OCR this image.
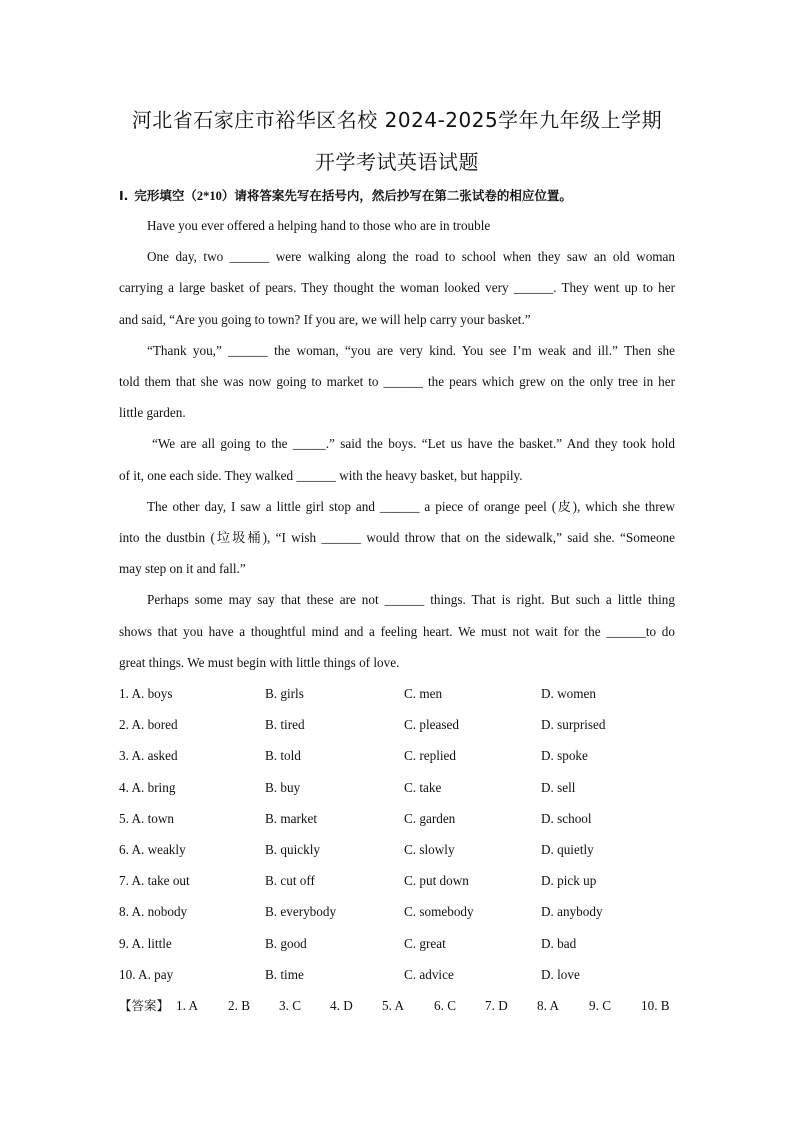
河北省石家庄市裕华区名校 2024-2025学年九年级上学期
开学考试英语试题
Ⅰ. 完形填空（2*10）请将答案先写在括号内，然后抄写在第二张试卷的相应位置。
Have you ever offered a helping hand to those who are in trouble
One day, two ______ were walking along the road to school when they saw an old woman
carrying a large basket of pears. They thought the woman looked very ______. They went up to her
and said, “Are you going to town? If you are, we will help carry your basket.”
“Thank you,” ______ the woman, “you are very kind. You see I’m weak and ill.” Then she
told them that she was now going to market to ______ the pears which grew on the only tree in her
little garden.
“We are all going to the _____.” said the boys. “Let us have the basket.” And they took hold
of it, one each side. They walked ______ with the heavy basket, but happily.
The other day, I saw a little girl stop and ______ a piece of orange peel (皮), which she threw
into the dustbin (垃圾桶), “I wish ______ would throw that on the sidewalk,” said she. “Someone
may step on it and fall.”
Perhaps some may say that these are not ______ things. That is right. But such a little thing
shows that you have a thoughtful mind and a feeling heart. We must not wait for the ______to do
great things. We must begin with little things of love.
1. A. boys	B. girls	C. men	D. women
2. A. bored	B. tired	C. pleased	D. surprised
3. A. asked	B. told	C. replied	D. spoke
4. A. bring	B. buy	C. take	D. sell
5. A. town	B. market	C. garden	D. school
6. A. weakly	B. quickly	C. slowly	D. quietly
7. A. take out	B. cut off	C. put down	D. pick up
8. A. nobody	B. everybody	C. somebody	D. anybody
9. A. little	B. good	C. great	D. bad
10. A. pay	B. time	C. advice	D. love
【答案】 1. A 2. B 3. C 4. D 5. A 6. C 7. D 8. A 9. C 10. B
